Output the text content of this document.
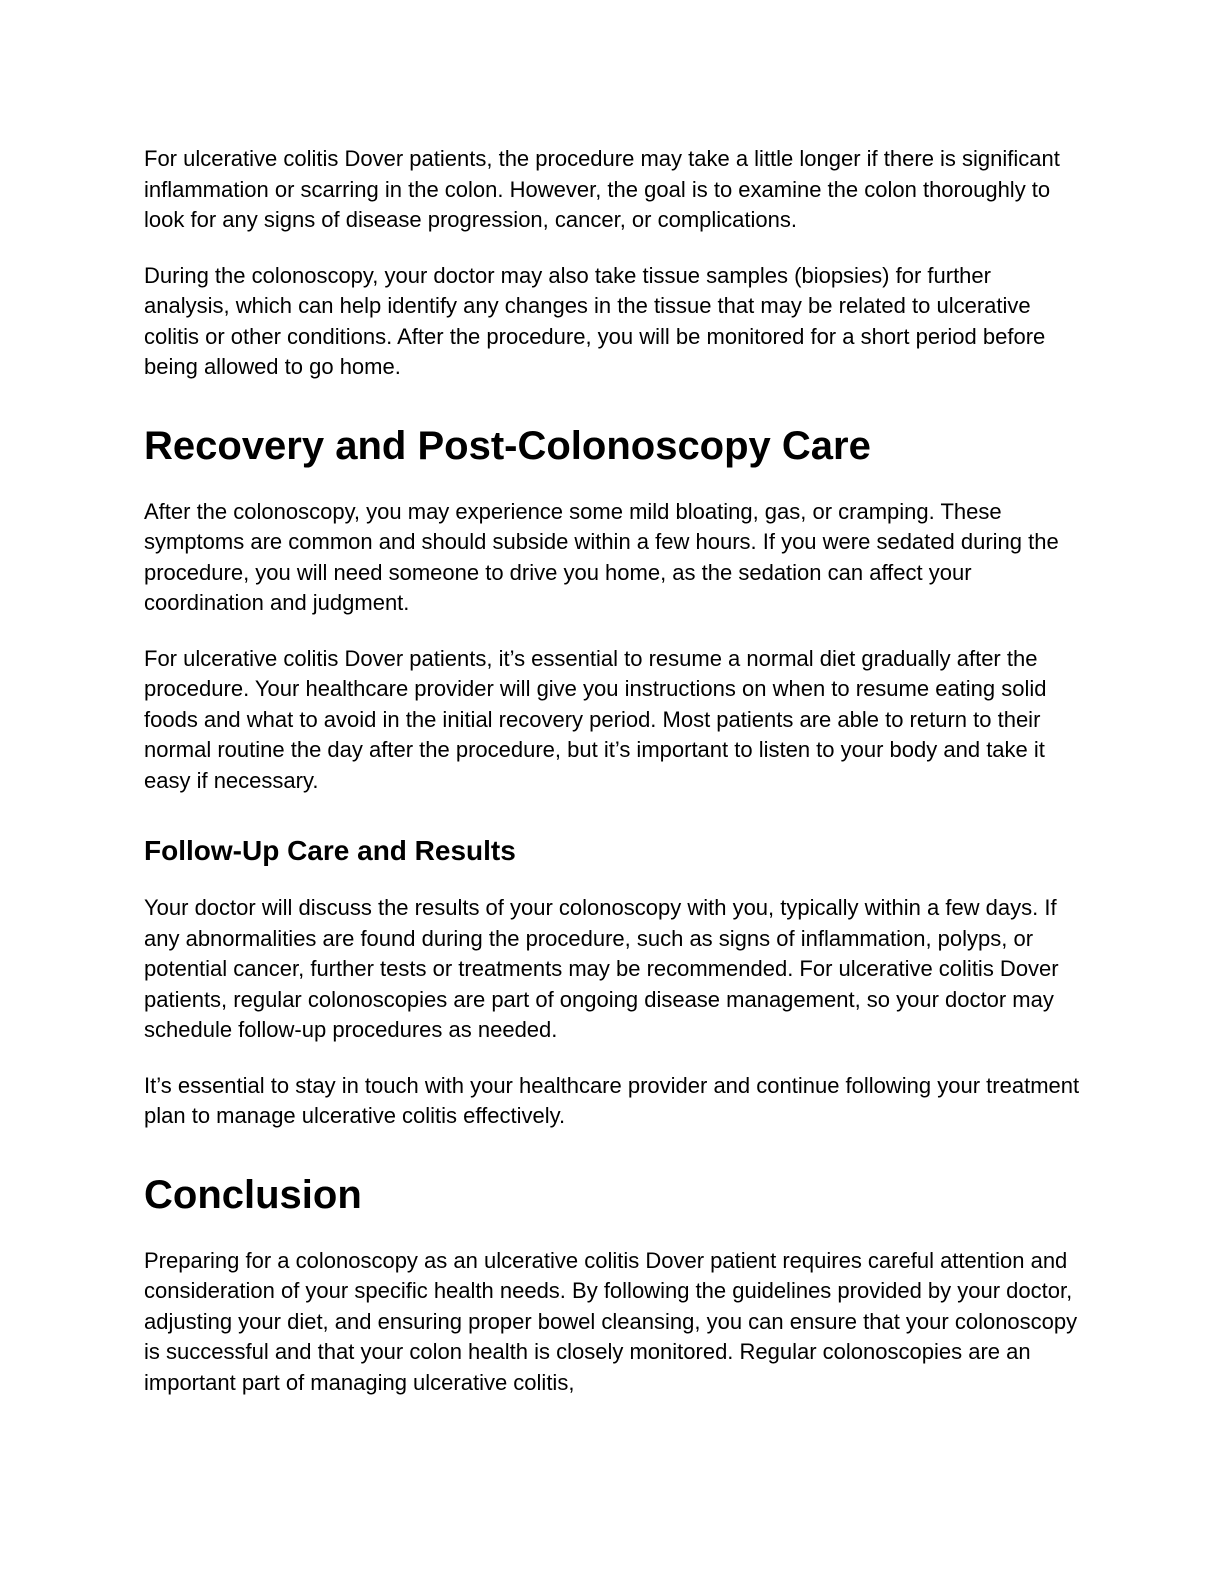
For ulcerative colitis Dover patients, the procedure may take a little longer if there is significant inflammation or scarring in the colon. However, the goal is to examine the colon thoroughly to look for any signs of disease progression, cancer, or complications.

During the colonoscopy, your doctor may also take tissue samples (biopsies) for further analysis, which can help identify any changes in the tissue that may be related to ulcerative colitis or other conditions. After the procedure, you will be monitored for a short period before being allowed to go home.

Recovery and Post-Colonoscopy Care

After the colonoscopy, you may experience some mild bloating, gas, or cramping. These symptoms are common and should subside within a few hours. If you were sedated during the procedure, you will need someone to drive you home, as the sedation can affect your coordination and judgment.

For ulcerative colitis Dover patients, it’s essential to resume a normal diet gradually after the procedure. Your healthcare provider will give you instructions on when to resume eating solid foods and what to avoid in the initial recovery period. Most patients are able to return to their normal routine the day after the procedure, but it’s important to listen to your body and take it easy if necessary.

Follow-Up Care and Results

Your doctor will discuss the results of your colonoscopy with you, typically within a few days. If any abnormalities are found during the procedure, such as signs of inflammation, polyps, or potential cancer, further tests or treatments may be recommended. For ulcerative colitis Dover patients, regular colonoscopies are part of ongoing disease management, so your doctor may schedule follow-up procedures as needed.

It’s essential to stay in touch with your healthcare provider and continue following your treatment plan to manage ulcerative colitis effectively.

Conclusion

Preparing for a colonoscopy as an ulcerative colitis Dover patient requires careful attention and consideration of your specific health needs. By following the guidelines provided by your doctor, adjusting your diet, and ensuring proper bowel cleansing, you can ensure that your colonoscopy is successful and that your colon health is closely monitored. Regular colonoscopies are an important part of managing ulcerative colitis,
